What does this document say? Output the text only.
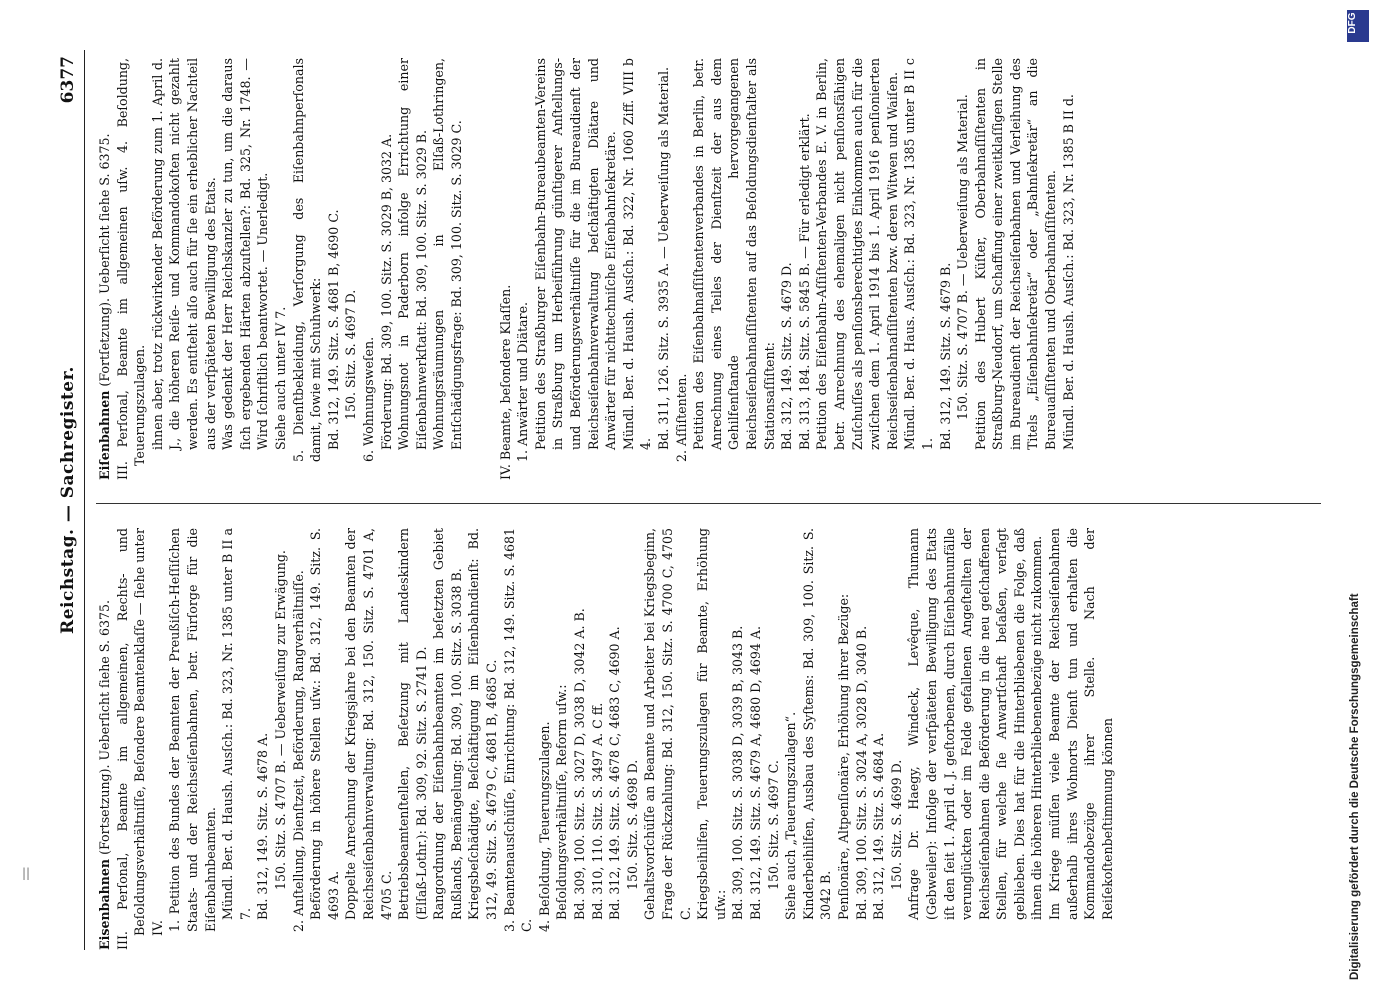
Reichstag. — Sachregister.
6377

Eisenbahnen (Fortsetzung). Ueberſicht ſiehe S. 6375. III. Perſonal, Beamte im allgemeinen, Rechts- und Beſoldungsverhältniſſe, Beſondere Beamtenklaſſe — ſiehe unter IV. 1. Petition des Bundes der Beamten der Preußiſch-Heſſiſchen Staats- und der Reichseiſenbahnen, betr. Fürſorge für die Eiſenbahnbeamten. Mündl. Ber. d. Haush. Ausſch.: Bd. 323, Nr. 1385 unter B II a 7. Bd. 312, 149. Sitz. S. 4678 A. 150. Sitz. S. 4707 B. — Ueberweiſung zur Erwägung. 2. Anſtellung, Dienſtzeit, Beförderung, Rangverhältniſſe. Beförderung in höhere Stellen uſw.: Bd. 312, 149. Sitz. S. 4693 A. Doppelte Anrechnung der Kriegsjahre bei den Beamten der Reichseiſenbahnverwaltung: Bd. 312, 150. Sitz. S. 4701 A, 4705 C. Betriebsbeamtenſtellen, Beſetzung mit Landeskindern (Elſaß-Lothr.): Bd. 309, 92. Sitz. S. 2741 D. Rangordnung der Eiſenbahnbeamten im beſetzten Gebiet Rußlands, Bemängelung: Bd. 309, 100. Sitz. S. 3038 B. Kriegsbeſchädigte, Beſchäftigung im Eiſenbahndienſt: Bd. 312, 49. Sitz. S. 4679 C, 4681 B, 4685 C. 3. Beamtenausſchüſſe, Einrichtung: Bd. 312, 149. Sitz. S. 4681 C. 4. Beſoldung, Teuerungszulagen. Beſoldungsverhältniſſe, Reform uſw.: Bd. 309, 100. Sitz. S. 3027 D, 3038 D, 3042 A. B. Bd. 310, 110. Sitz. S. 3497 A. C ff. Bd. 312, 149. Sitz. S. 4678 C, 4683 C, 4690 A. 150. Sitz. S. 4698 D. Gehaltsvorſchüſſe an Beamte und Arbeiter bei Kriegsbeginn, Frage der Rückzahlung: Bd. 312, 150. Sitz. S. 4700 C, 4705 C. Kriegsbeihilfen, Teuerungszulagen für Beamte, Erhöhung uſw.: Bd. 309, 100. Sitz. S. 3038 D, 3039 B, 3043 B. Bd. 312, 149. Sitz. S. 4679 A, 4680 D, 4694 A. 150. Sitz. S. 4697 C. Siehe auch „Teuerungszulagen“. Kinderbeihilfen, Ausbau des Syſtems: Bd. 309, 100. Sitz. S. 3042 B. Penſionäre, Altpenſionäre, Erhöhung ihrer Bezüge: Bd. 309, 100. Sitz. S. 3024 A, 3028 D, 3040 B. Bd. 312, 149. Sitz. S. 4684 A. 150. Sitz. S. 4699 D. Anfrage Dr. Haegy, Windeck, Levêque, Thumann (Gebweiler): Infolge der verſpäteten Bewilligung des Etats iſt den ſeit 1. April d. J. geſtorbenen, durch Eiſenbahnunfälle verunglückten oder im Felde gefallenen Angeſtellten der Reichseiſenbahnen die Beförderung in die neu geſchaffenen Stellen, für welche ſie Anwartſchaft beſaßen, verſagt geblieben. Dies hat für die Hinterbliebenen die Folge, daß ihnen die höheren Hinterbliebenenbezüge nicht zukommen. Im Kriege müſſen viele Beamte der Reichseiſenbahnen außerhalb ihres Wohnorts Dienſt tun und erhalten die Kommandobezüge ihrer Stelle. Nach der Reiſekoſtenbeſtimmung können

Eiſenbahnen (Fortſetzung). Ueberſicht ſiehe S. 6375. III. Perſonal, Beamte im allgemeinen uſw. 4. Beſoldung, Teuerungszulagen. ihnen aber, trotz rückwirkender Beförderung zum 1. April d. J., die höheren Reiſe- und Kommandokoſten nicht gezahlt werden. Es entſteht alſo auch für ſie ein erheblicher Nachteil aus der verſpäteten Bewilligung des Etats. Was gedenkt der Herr Reichskanzler zu tun, um die daraus ſich ergebenden Härten abzuſtellen?: Bd. 325, Nr. 1748. — Wird ſchriftlich beantwortet. — Unerledigt. Siehe auch unter IV 7. 5. Dienſtbekleidung, Verſorgung des Eiſenbahnperſonals damit, ſowie mit Schuhwerk: Bd. 312, 149. Sitz. S. 4681 B, 4690 C. 150. Sitz. S. 4697 D. 6. Wohnungsweſen. Förderung: Bd. 309, 100. Sitz. S. 3029 B, 3032 A. Wohnungsnot in Paderborn infolge Errichtung einer Eiſenbahnwerkſtatt: Bd. 309, 100. Sitz. S. 3029 B. Wohnungsräumungen in Elſaß-Lothringen, Entſchädigungsfrage: Bd. 309, 100. Sitz. S. 3029 C.	IV. Beamte, beſondere Klaſſen. 1. Anwärter und Diätare. Petition des Straßburger Eiſenbahn-Bureaubeamten-Vereins in Straßburg um Herbeiführung günſtigerer Anſtellungs- und Beförderungsverhältniſſe für die im Bureaudienſt der Reichseiſenbahnverwaltung beſchäftigten Diätare und Anwärter für nichttechniſche Eiſenbahnſekretäre. Mündl. Ber. d. Haush. Ausſch.: Bd. 322, Nr. 1060 Ziff. VIII b 4. Bd. 311, 126. Sitz. S. 3935 A. — Ueberweiſung als Material. 2. Aſſiſtenten. Petition des Eiſenbahnaſſiſtentenverbandes in Berlin, betr. Anrechnung eines Teiles der Dienſtzeit der aus dem Gehilfenſtande hervorgegangenen Reichseiſenbahnaſſiſtenten auf das Beſoldungsdienſtalter als Stationsaſſiſtent: Bd. 312, 149. Sitz. S. 4679 D. Bd. 313, 184. Sitz. S. 5845 B. — Für erledigt erklärt. Petition des Eiſenbahn-Aſſiſtenten-Verbandes E. V. in Berlin, betr. Anrechnung des ehemaligen nicht penſionsfähigen Zuſchuſſes als penſionsberechtigtes Einkommen auch für die zwiſchen dem 1. April 1914 bis 1. April 1916 penſionierten Reichseiſenbahnaſſiſtenten bzw. deren Witwen und Waiſen. Mündl. Ber. d. Haus. Ausſch.: Bd. 323, Nr. 1385 unter B II c 1. Bd. 312, 149. Sitz. S. 4679 B. 150. Sitz. S. 4707 B. — Ueberweiſung als Material. Petition des Hubert Küſter, Oberbahnaſſiſtenten in Straßburg-Neudorf, um Schaffung einer zweitklaſſigen Stelle im Bureaudienſt der Reichseiſenbahnen und Verleihung des Titels „Eiſenbahnſekretär“ oder „Bahnſekretär“ an die Bureauaſſiſtenten und Oberbahnaſſiſtenten. Mündl. Ber. d. Haush. Ausſch.: Bd. 323, Nr. 1385 B II d.

||
DFG
Digitalisierung gefördert durch die Deutsche Forschungsgemeinschaft
